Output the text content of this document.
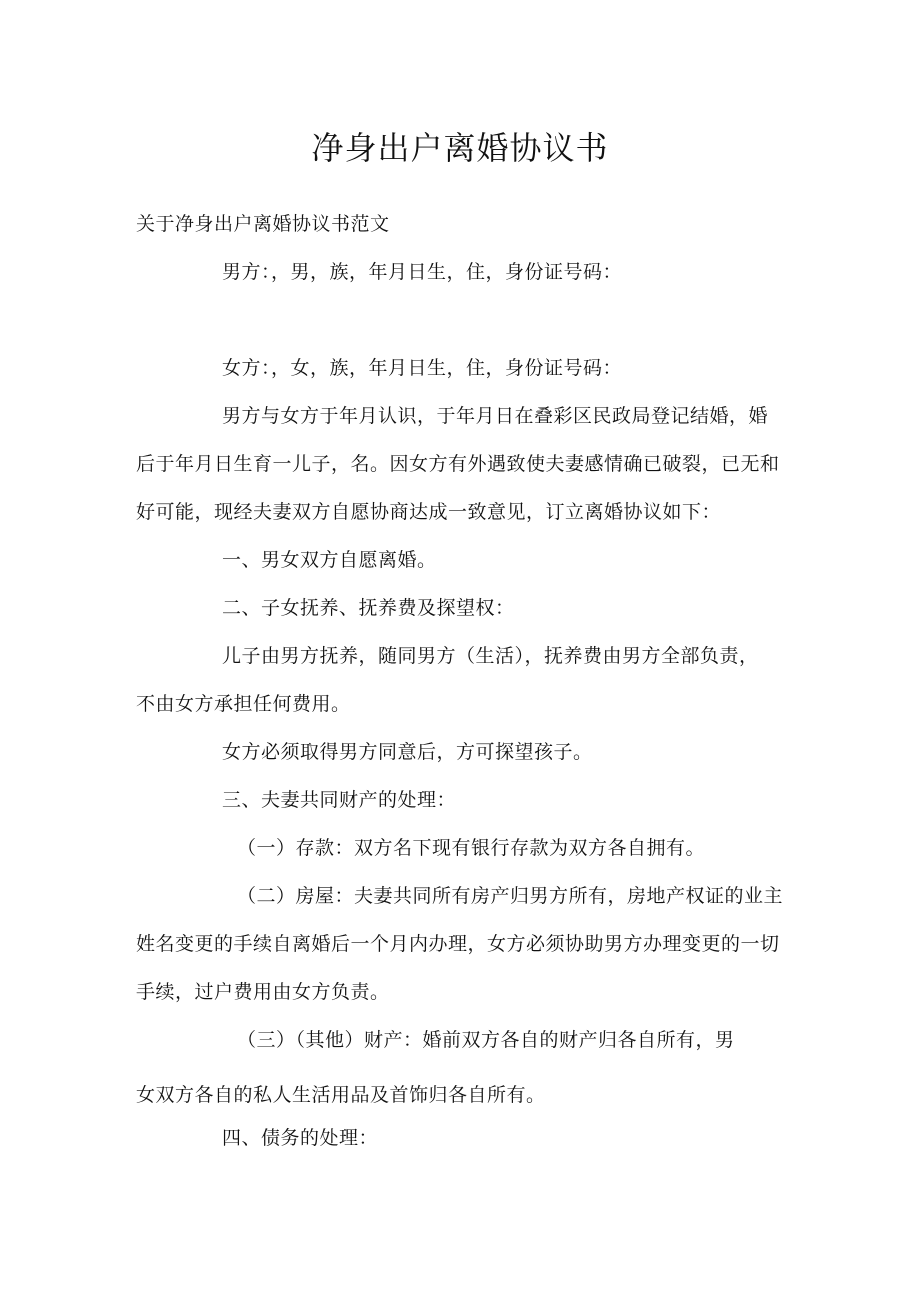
净身出户离婚协议书
关于净身出户离婚协议书范文
男方：，男，族，年月日生，住，身份证号码：
女方：，女，族，年月日生，住，身份证号码：
男方与女方于年月认识，于年月日在叠彩区民政局登记结婚，婚
后于年月日生育一儿子，名。因女方有外遇致使夫妻感情确已破裂，已无和
好可能，现经夫妻双方自愿协商达成一致意见，订立离婚协议如下：
一、男女双方自愿离婚。
二、子女抚养、抚养费及探望权：
儿子由男方抚养，随同男方（生活），抚养费由男方全部负责，
不由女方承担任何费用。
女方必须取得男方同意后，方可探望孩子。
三、夫妻共同财产的处理：
（一）存款：双方名下现有银行存款为双方各自拥有。
（二）房屋：夫妻共同所有房产归男方所有，房地产权证的业主
姓名变更的手续自离婚后一个月内办理，女方必须协助男方办理变更的一切
手续，过户费用由女方负责。
（三）（其他）财产：婚前双方各自的财产归各自所有，男
女双方各自的私人生活用品及首饰归各自所有。
四、债务的处理：
